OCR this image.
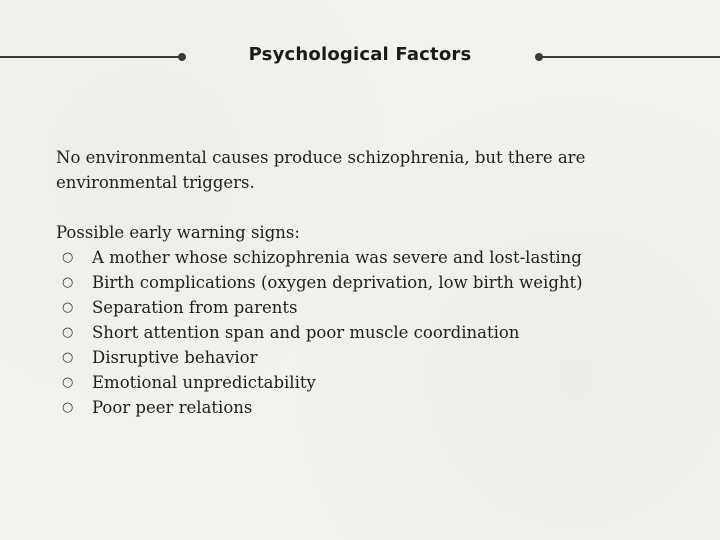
Psychological Factors

No environmental causes produce schizophrenia, but there are environmental triggers.

Possible early warning signs:

○ A mother whose schizophrenia was severe and lost-lasting
○ Birth complications (oxygen deprivation, low birth weight)
○ Separation from parents
○ Short attention span and poor muscle coordination
○ Disruptive behavior
○ Emotional unpredictability
○ Poor peer relations
